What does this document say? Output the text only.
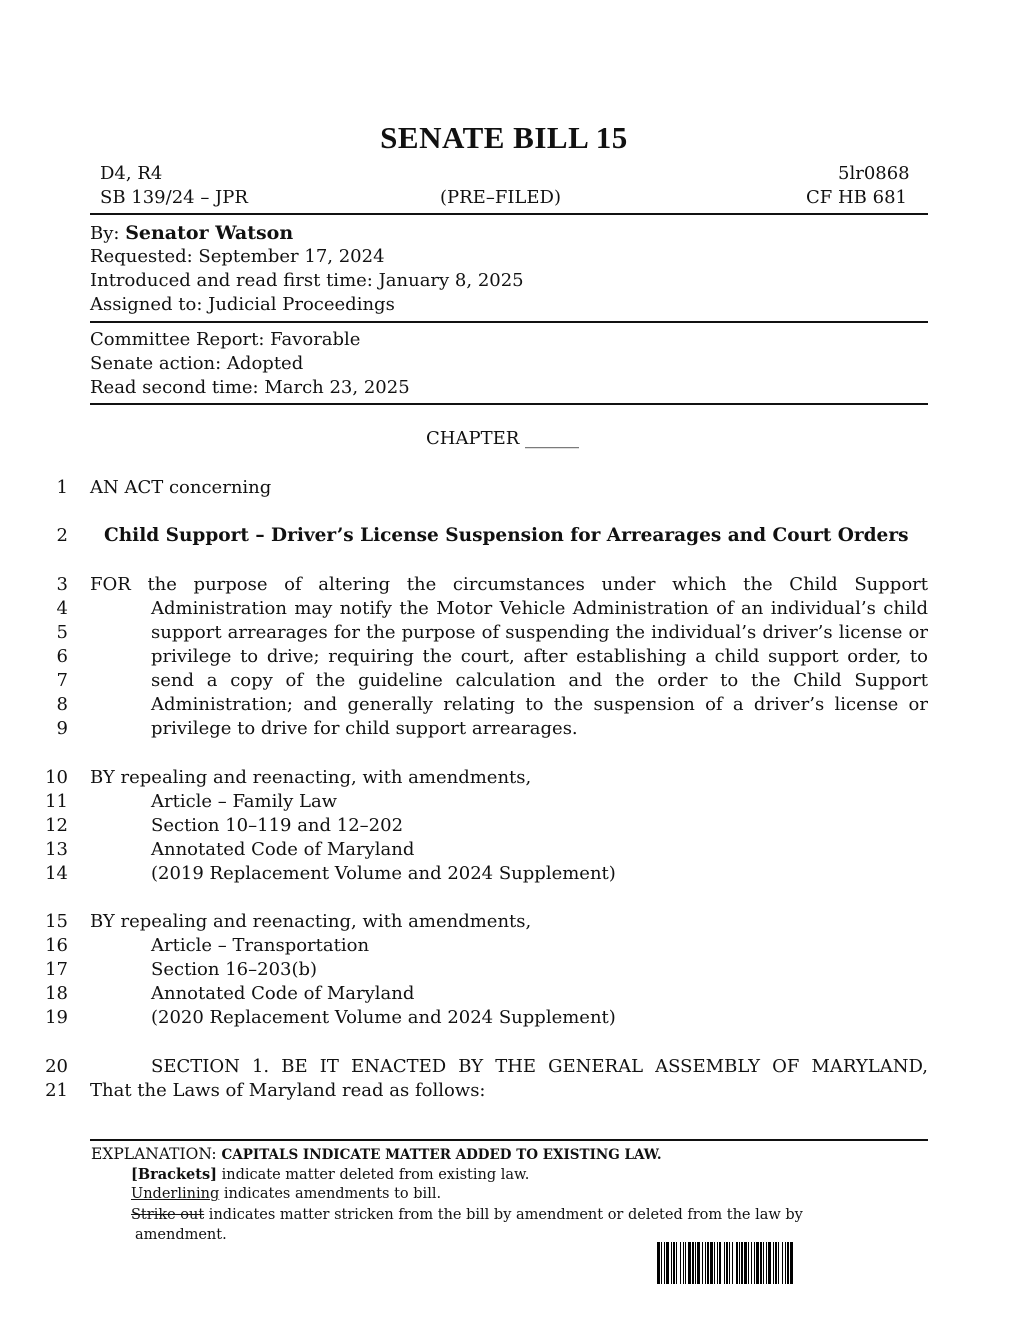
SENATE BILL 15
D4, R4
SB 139/24 – JPR	(PRE–FILED)
5lr0868
CF HB 681
By: Senator Watson
Requested: September 17, 2024
Introduced and read first time: January 8, 2025
Assigned to: Judicial Proceedings
Committee Report: Favorable
Senate action: Adopted
Read second time: March 23, 2025
CHAPTER ______
1 AN ACT concerning
2 Child Support – Driver’s License Suspension for Arrearages and Court Orders
3 FOR the purpose of altering the circumstances under which the Child Support
4	Administration may notify the Motor Vehicle Administration of an individual’s child
5	support arrearages for the purpose of suspending the individual’s driver’s license or
6	privilege to drive; requiring the court, after establishing a child support order, to
7	send a copy of the guideline calculation and the order to the Child Support
8	Administration; and generally relating to the suspension of a driver’s license or
9	privilege to drive for child support arrearages.
10 BY repealing and reenacting, with amendments,
11	Article – Family Law
12	Section 10–119 and 12–202
13	Annotated Code of Maryland
14	(2019 Replacement Volume and 2024 Supplement)
15 BY repealing and reenacting, with amendments,
16	Article – Transportation
17	Section 16–203(b)
18	Annotated Code of Maryland
19	(2020 Replacement Volume and 2024 Supplement)
20	SECTION 1. BE IT ENACTED BY THE GENERAL ASSEMBLY OF MARYLAND,
21 That the Laws of Maryland read as follows:
EXPLANATION: CAPITALS INDICATE MATTER ADDED TO EXISTING LAW.
[Brackets] indicate matter deleted from existing law.
Underlining indicates amendments to bill.
Strike out indicates matter stricken from the bill by amendment or deleted from the law by
amendment.
